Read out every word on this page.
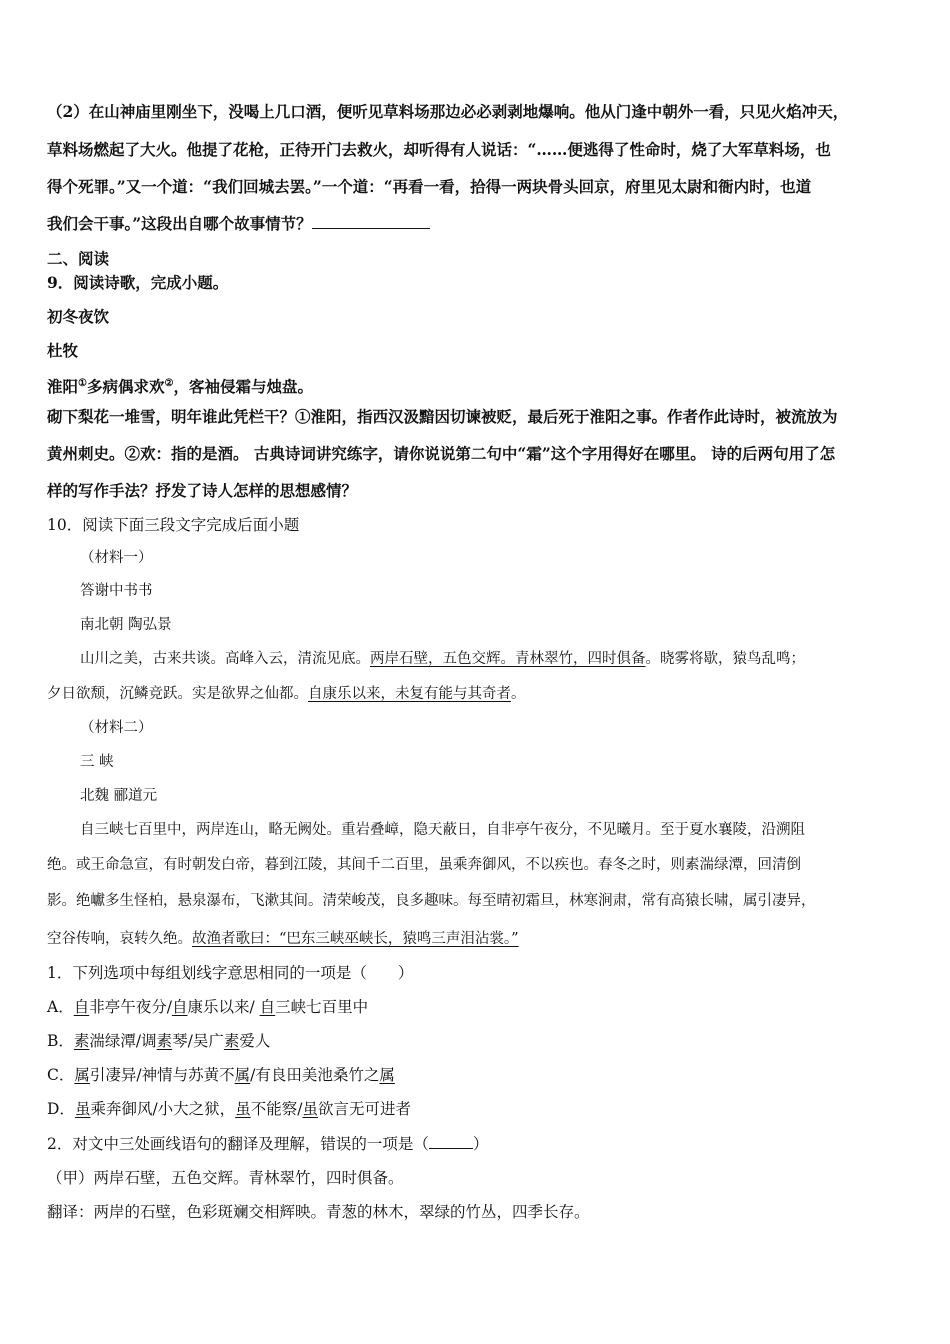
（2）在山神庙里刚坐下，没喝上几口酒，便听见草料场那边必必剥剥地爆响。他从门逢中朝外一看，只见火焰冲天，
草料场燃起了大火。他提了花枪，正待开门去救火，却听得有人说话：“……便逃得了性命时，烧了大军草料场，也
得个死罪。”又一个道：“我们回城去罢。”一个道：“再看一看，拾得一两块骨头回京，府里见太尉和衙内时，也道
我们会干事。”这段出自哪个故事情节？
二、阅读
9．阅读诗歌，完成小题。
初冬夜饮
杜牧
淮阳①多病偶求欢②，客袖侵霜与烛盘。
砌下梨花一堆雪，明年谁此凭栏干？①淮阳，指西汉汲黯因切谏被贬，最后死于淮阳之事。作者作此诗时，被流放为
黄州刺史。②欢：指的是酒。 古典诗词讲究练字，请你说说第二句中“霜”这个字用得好在哪里。 诗的后两句用了怎
样的写作手法？抒发了诗人怎样的思想感情？
10．阅读下面三段文字完成后面小题
（材料一）
答谢中书书
南北朝 陶弘景
山川之美，古来共谈。高峰入云，清流见底。两岸石壁，五色交辉。青林翠竹，四时俱备。晓雾将歇，猿鸟乱鸣；
夕日欲颓，沉鳞竞跃。实是欲界之仙都。自康乐以来，未复有能与其奇者。
（材料二）
三 峡
北魏 郦道元
自三峡七百里中，两岸连山，略无阙处。重岩叠嶂，隐天蔽日，自非亭午夜分，不见曦月。至于夏水襄陵，沿溯阻
绝。或王命急宣，有时朝发白帝，暮到江陵，其间千二百里，虽乘奔御风，不以疾也。春冬之时，则素湍绿潭，回清倒
影。绝巘多生怪柏，悬泉瀑布，飞漱其间。清荣峻茂，良多趣味。每至晴初霜旦，林寒涧肃，常有高猿长啸，属引凄异，
空谷传响，哀转久绝。故渔者歌曰：“巴东三峡巫峡长，猿鸣三声泪沾裳。”
1．下列选项中每组划线字意思相同的一项是（　　）
A．自非亭午夜分/自康乐以来/ 自三峡七百里中
B．素湍绿潭/调素琴/吴广素爱人
C．属引凄异/神情与苏黄不属/有良田美池桑竹之属
D．虽乘奔御风/小大之狱，虽不能察/虽欲言无可进者
2．对文中三处画线语句的翻译及理解，错误的一项是（	）
（甲）两岸石壁，五色交辉。青林翠竹，四时俱备。
翻译：两岸的石壁，色彩斑斓交相辉映。青葱的林木，翠绿的竹丛，四季长存。
